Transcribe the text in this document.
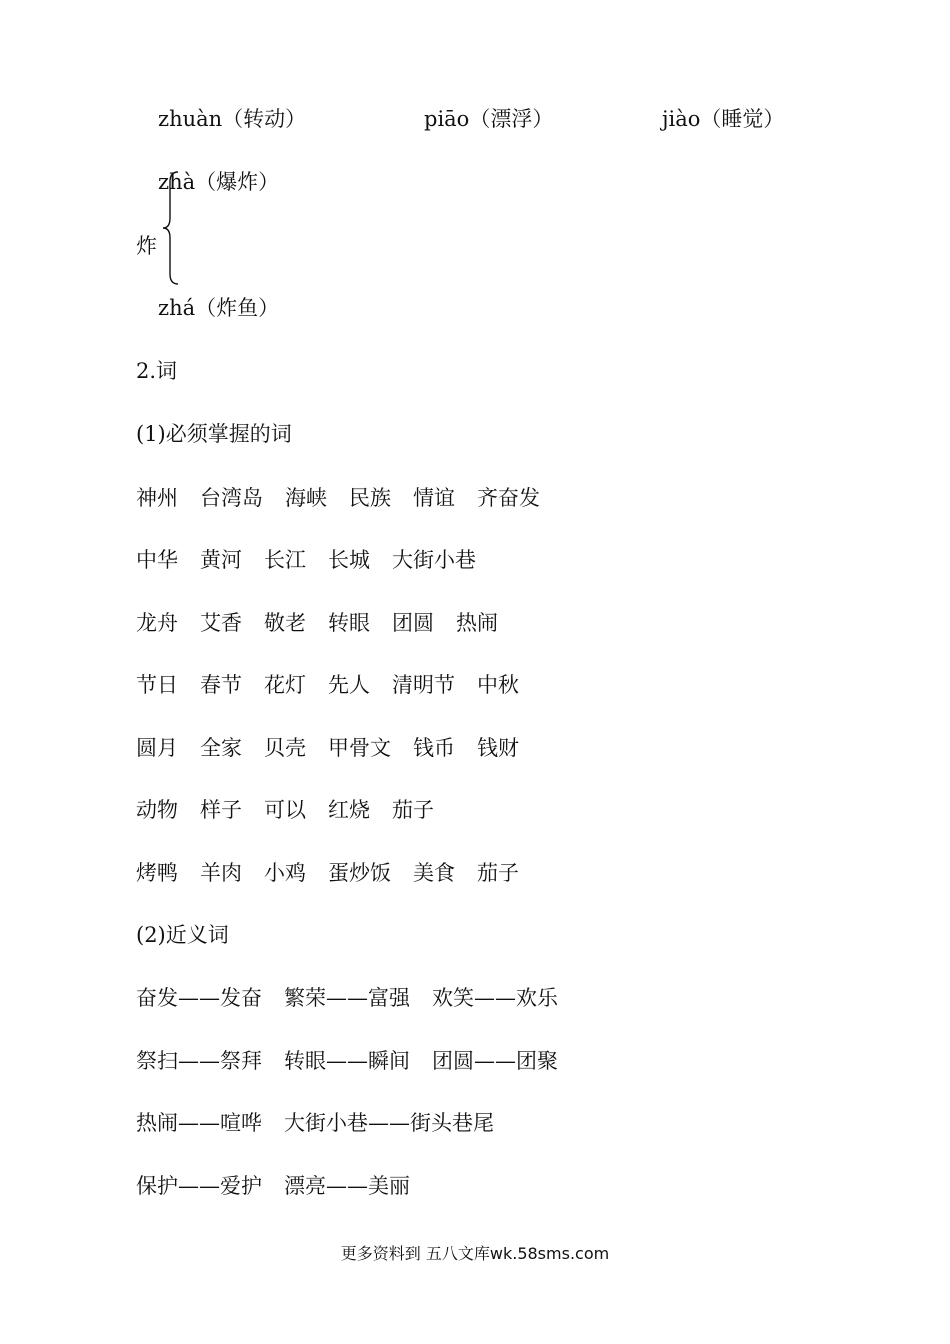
zhuàn（转动）	piāo（漂浮）	jiào（睡觉）
zhà（爆炸）
炸
zhá（炸鱼）
2.词
(1)必须掌握的词
神州 台湾岛 海峡 民族 情谊 齐奋发
中华 黄河 长江 长城 大街小巷
龙舟 艾香 敬老 转眼 团圆 热闹
节日 春节 花灯 先人 清明节 中秋
圆月 全家 贝壳 甲骨文 钱币 钱财
动物 样子 可以 红烧 茄子
烤鸭 羊肉 小鸡 蛋炒饭 美食 茄子
(2)近义词
奋发——发奋 繁荣——富强 欢笑——欢乐
祭扫——祭拜 转眼——瞬间 团圆——团聚
热闹——喧哗 大街小巷——街头巷尾
保护——爱护 漂亮——美丽
更多资料到 五八文库wk.58sms.com
